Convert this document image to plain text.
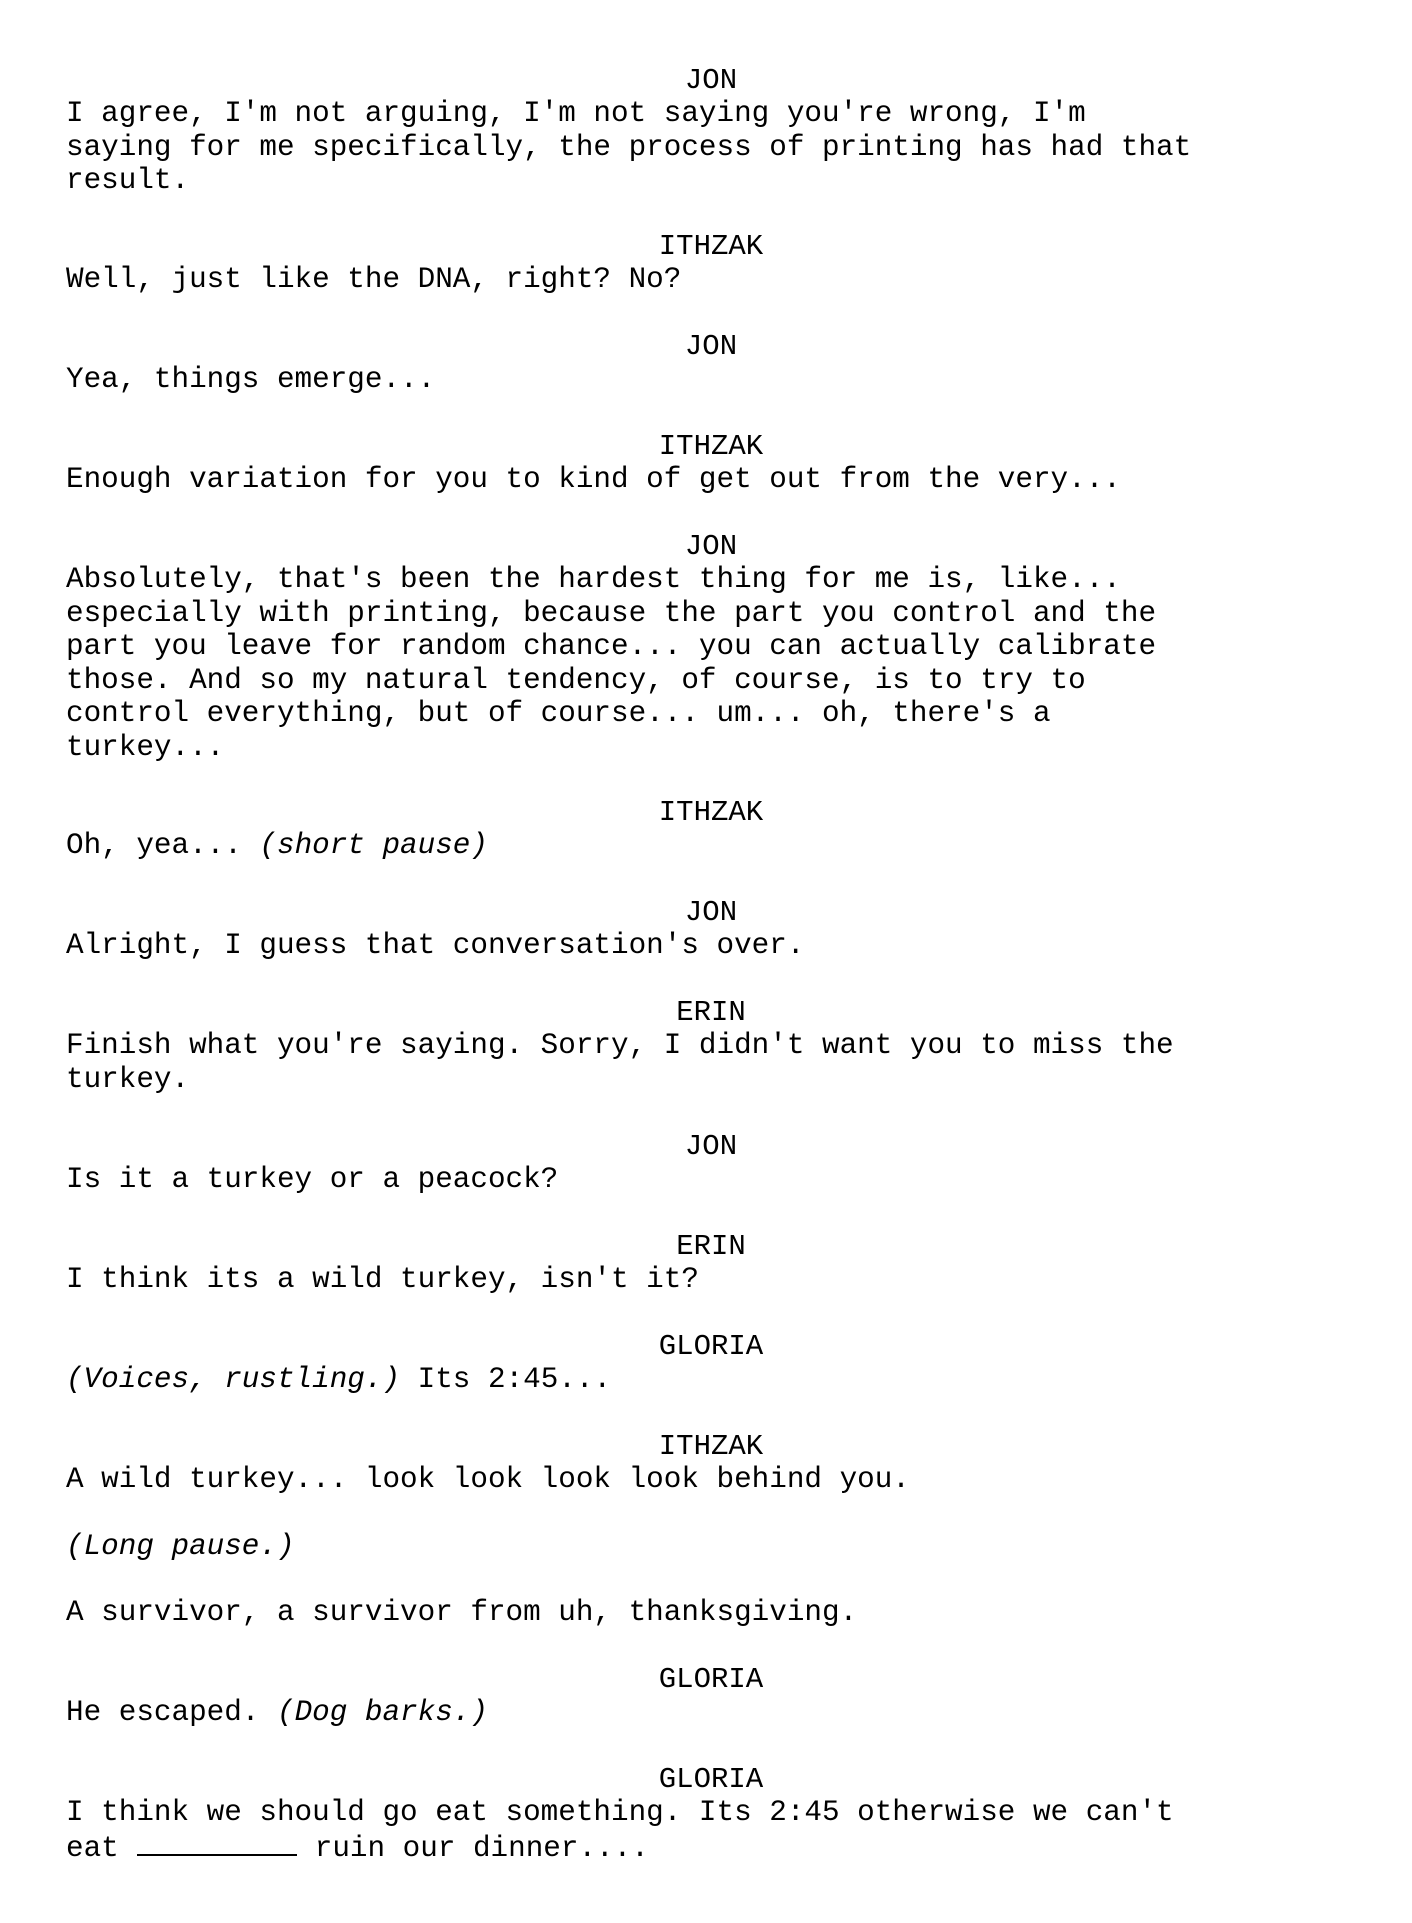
JON
I agree, I'm not arguing, I'm not saying you're wrong, I'm
saying for me specifically, the process of printing has had that
result.
ITHZAK
Well, just like the DNA, right? No?
JON
Yea, things emerge...
ITHZAK
Enough variation for you to kind of get out from the very...
JON
Absolutely, that's been the hardest thing for me is, like...
especially with printing, because the part you control and the
part you leave for random chance... you can actually calibrate
those. And so my natural tendency, of course, is to try to
control everything, but of course... um... oh, there's a
turkey...
ITHZAK
Oh, yea... (short pause)
JON
Alright, I guess that conversation's over.
ERIN
Finish what you're saying. Sorry, I didn't want you to miss the
turkey.
JON
Is it a turkey or a peacock?
ERIN
I think its a wild turkey, isn't it?
GLORIA
(Voices, rustling.) Its 2:45...
ITHZAK
A wild turkey... look look look look behind you.
(Long pause.)
A survivor, a survivor from uh, thanksgiving.
GLORIA
He escaped. (Dog barks.)
GLORIA
I think we should go eat something. Its 2:45 otherwise we can't
eat	ruin our dinner....
